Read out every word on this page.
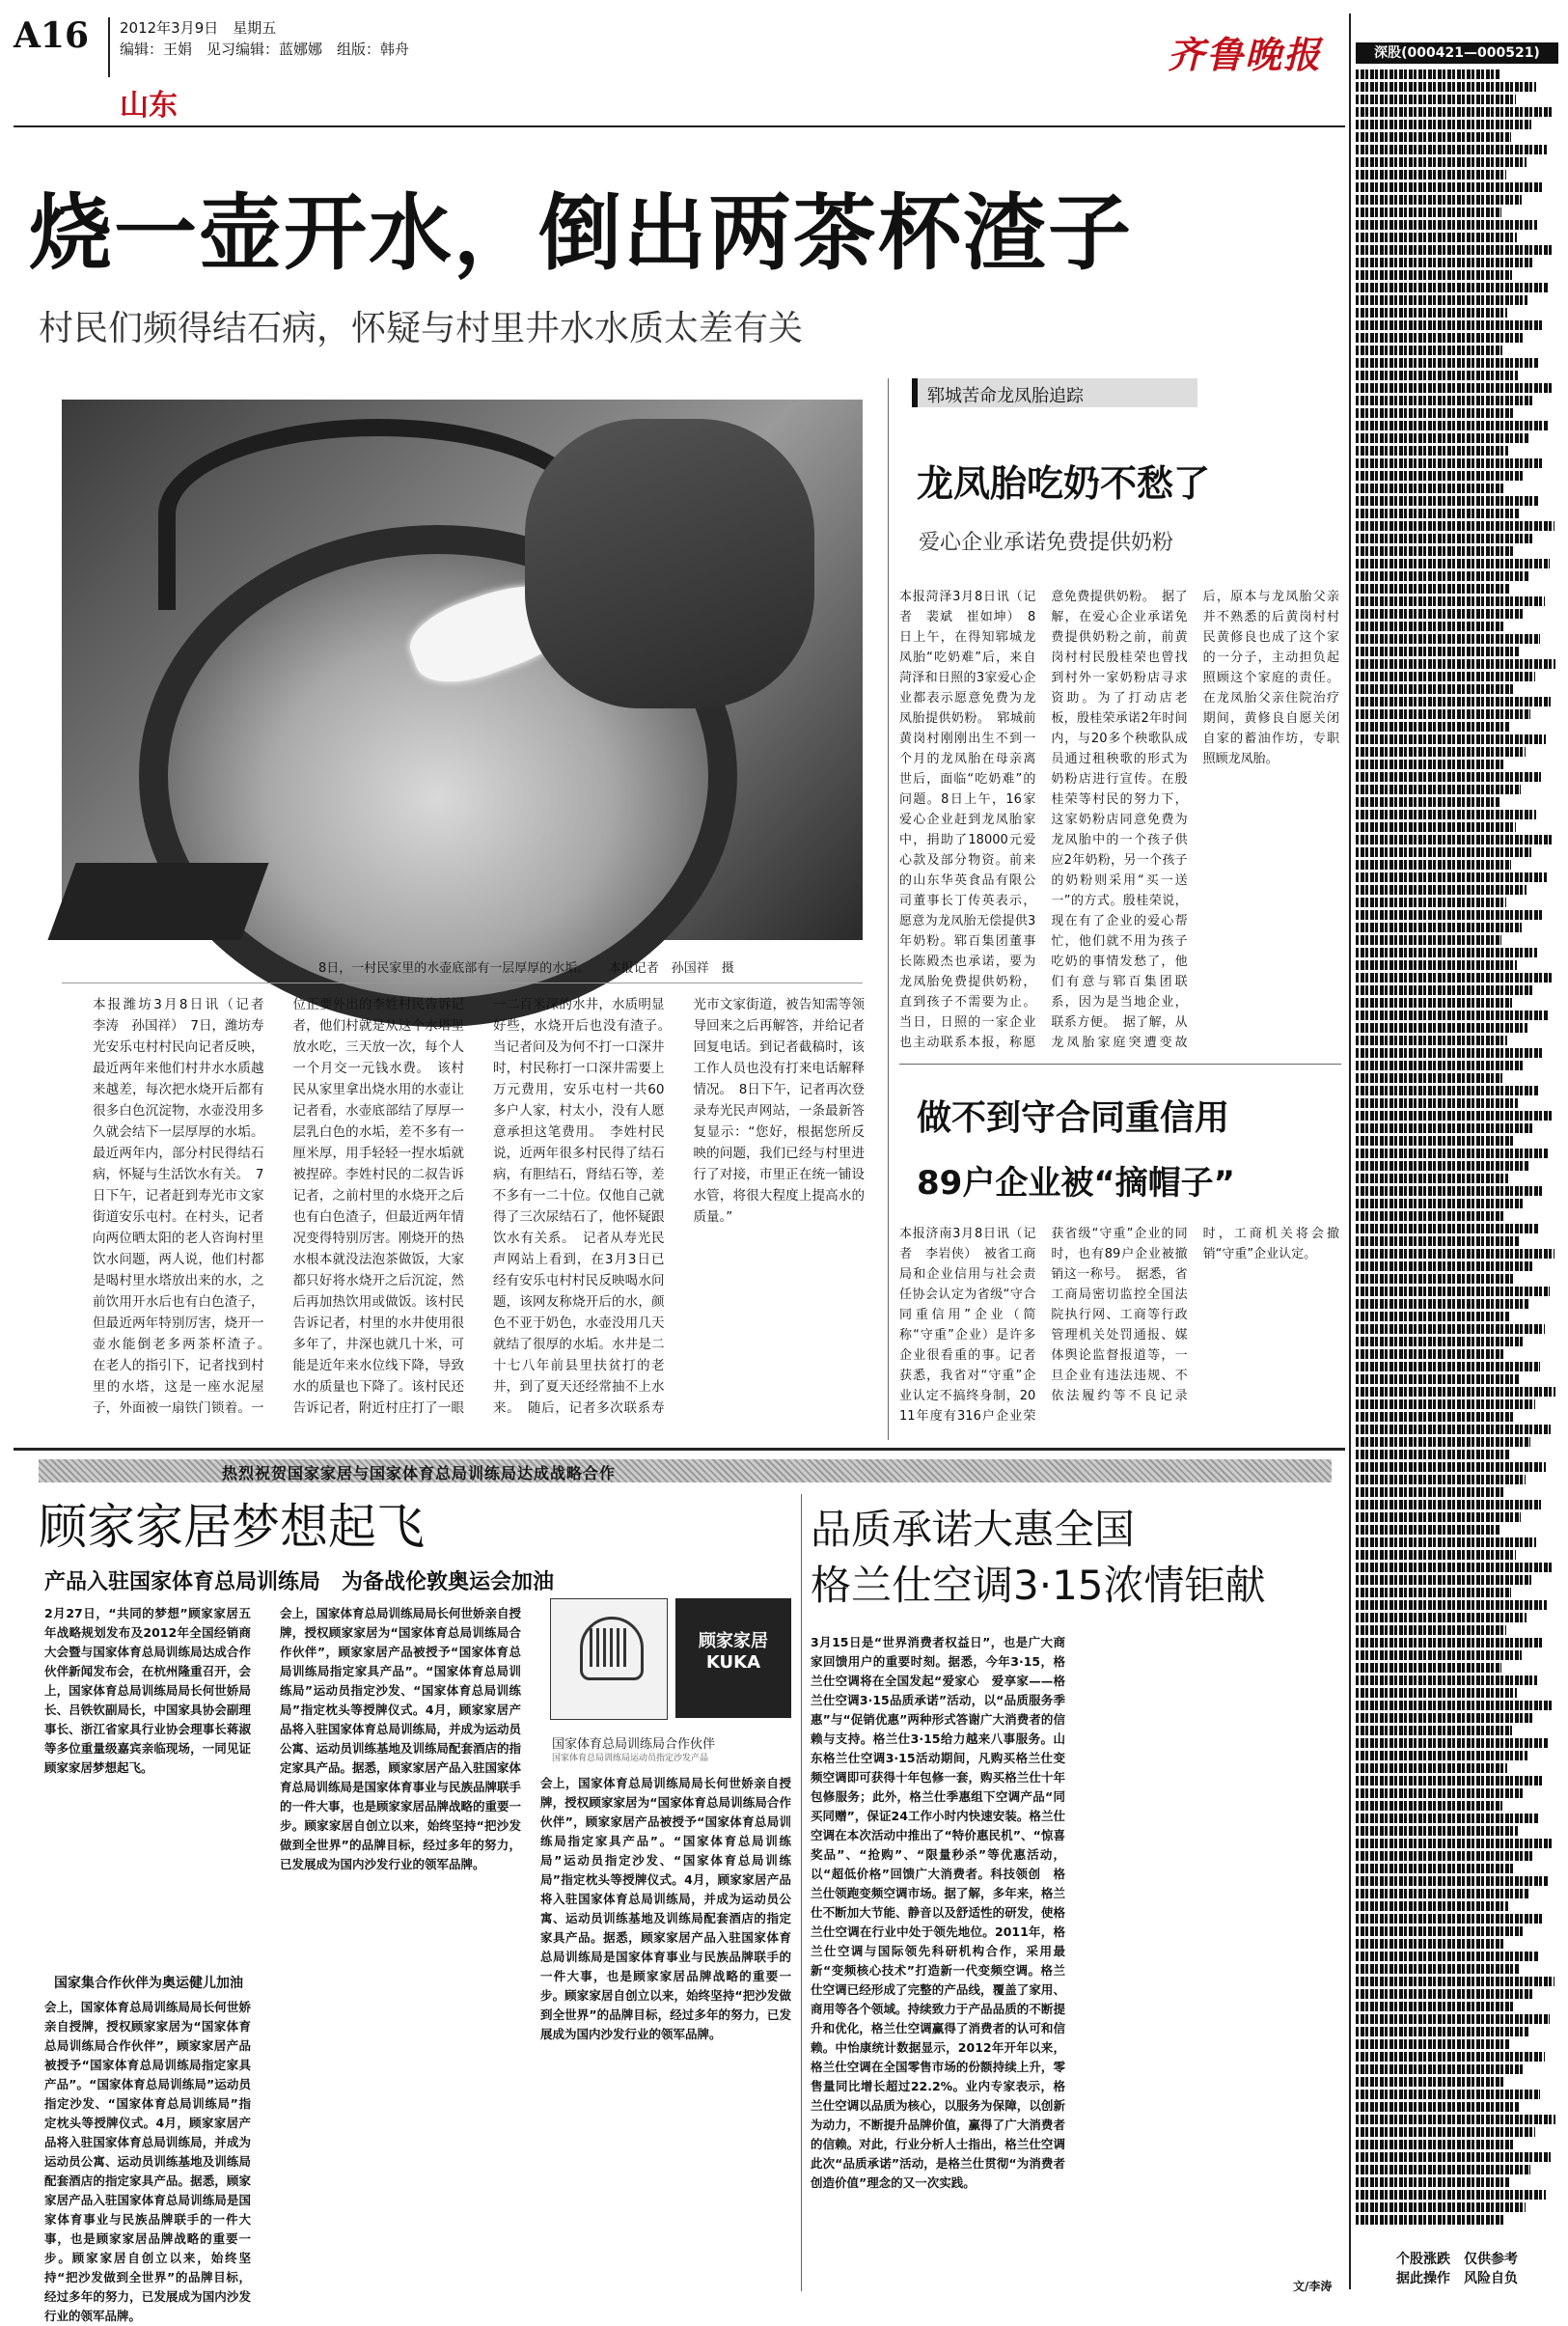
A16 2012年3月9日　星期五
编辑：王娟　见习编辑：蓝娜娜　组版：韩舟
山东
齐鲁晚报
烧一壶开水，倒出两茶杯渣子
村民们频得结石病，怀疑与村里井水水质太差有关
8日，一村民家里的水壶底部有一层厚厚的水垢。　　本报记者　孙国祥　摄
本报潍坊3月8日讯（记者　李涛　孙国祥）　7日，潍坊寿光安乐屯村村民向记者反映，最近两年来他们村井水水质越来越差，每次把水烧开后都有很多白色沉淀物，水壶没用多久就会结下一层厚厚的水垢。最近两年内，部分村民得结石病，怀疑与生活饮水有关。　7日下午，记者赶到寿光市文家街道安乐屯村。在村头，记者向两位晒太阳的老人咨询村里饮水问题，两人说，他们村都是喝村里水塔放出来的水，之前饮用开水后也有白色渣子，但最近两年特别厉害，烧开一壶水能倒老多两茶杯渣子。　在老人的指引下，记者找到村里的水塔，这是一座水泥屋子，外面被一扇铁门锁着。一位正要外出的李姓村民告诉记者，他们村就是从这个水塔里放水吃，三天放一次，每个人一个月交一元钱水费。　该村民从家里拿出烧水用的水壶让记者看，水壶底部结了厚厚一层乳白色的水垢，差不多有一厘米厚，用手轻轻一捏水垢就被捏碎。李姓村民的二叔告诉记者，之前村里的水烧开之后也有白色渣子，但最近两年情况变得特别厉害。刚烧开的热水根本就没法泡茶做饭，大家都只好将水烧开之后沉淀，然后再加热饮用或做饭。该村民告诉记者，村里的水井使用很多年了，井深也就几十米，可能是近年来水位线下降，导致水的质量也下降了。该村民还告诉记者，附近村庄打了一眼一二百米深的水井，水质明显好些，水烧开后也没有渣子。　当记者问及为何不打一口深井时，村民称打一口深井需要上万元费用，安乐屯村一共60多户人家，村太小，没有人愿意承担这笔费用。　李姓村民说，近两年很多村民得了结石病，有胆结石，肾结石等，差不多有一二十位。仅他自己就得了三次尿结石了，他怀疑跟饮水有关系。　记者从寿光民声网站上看到，在3月3日已经有安乐屯村村民反映喝水问题，该网友称烧开后的水，颜色不亚于奶色，水壶没用几天就结了很厚的水垢。水井是二十七八年前县里扶贫打的老井，到了夏天还经常抽不上水来。　随后，记者多次联系寿光市文家街道，被告知需等领导回来之后再解答，并给记者回复电话。到记者截稿时，该工作人员也没有打来电话解释情况。　8日下午，记者再次登录寿光民声网站，一条最新答复显示：“您好，根据您所反映的问题，我们已经与村里进行了对接，市里正在统一铺设水管，将很大程度上提高水的质量。”
郓城苦命龙凤胎追踪
龙凤胎吃奶不愁了
爱心企业承诺免费提供奶粉
本报菏泽3月8日讯（记者　裴斌　崔如坤）　8日上午，在得知郓城龙凤胎“吃奶难”后，来自菏泽和日照的3家爱心企业都表示愿意免费为龙凤胎提供奶粉。　郓城前黄岗村刚刚出生不到一个月的龙凤胎在母亲离世后，面临“吃奶难”的问题。8日上午，16家爱心企业赶到龙凤胎家中，捐助了18000元爱心款及部分物资。前来的山东华英食品有限公司董事长丁传英表示，愿意为龙凤胎无偿提供3年奶粉。郓百集团董事长陈殿杰也承诺，要为龙凤胎免费提供奶粉，直到孩子不需要为止。当日，日照的一家企业也主动联系本报，称愿意免费提供奶粉。　据了解，在爱心企业承诺免费提供奶粉之前，前黄岗村村民殷桂荣也曾找到村外一家奶粉店寻求资助。为了打动店老板，殷桂荣承诺2年时间内，与20多个秧歌队成员通过租秧歌的形式为奶粉店进行宣传。在殷桂荣等村民的努力下，这家奶粉店同意免费为龙凤胎中的一个孩子供应2年奶粉，另一个孩子的奶粉则采用“买一送一”的方式。殷桂荣说，现在有了企业的爱心帮忙，他们就不用为孩子吃奶的事情发愁了，他们有意与郓百集团联系，因为是当地企业，联系方便。　据了解，从龙凤胎家庭突遭变故后，原本与龙凤胎父亲并不熟悉的后黄岗村村民黄修良也成了这个家的一分子，主动担负起照顾这个家庭的责任。在龙凤胎父亲住院治疗期间，黄修良自愿关闭自家的蓄油作坊，专职照顾龙凤胎。
做不到守合同重信用
89户企业被“摘帽子”
本报济南3月8日讯（记者　李岩侠）　被省工商局和企业信用与社会责任协会认定为省级“守合同重信用”企业（简称“守重”企业）是许多企业很看重的事。记者获悉，我省对“守重”企业认定不搞终身制，2011年度有316户企业荣获省级“守重”企业的同时，也有89户企业被撤销这一称号。　据悉，省工商局密切监控全国法院执行网、工商等行政管理机关处罚通报、媒体舆论监督报道等，一旦企业有违法违规、不依法履约等不良记录时，工商机关将会撤销“守重”企业认定。
热烈祝贺国家家居与国家体育总局训练局达成战略合作
顾家家居梦想起飞
产品入驻国家体育总局训练局　为备战伦敦奥运会加油
2月27日，“共同的梦想”顾家家居五年战略规划发布及2012年全国经销商大会暨与国家体育总局训练局达成合作伙伴新闻发布会，在杭州隆重召开，会上，国家体育总局训练局局长何世娇局长、吕铁钦副局长，中国家具协会副理事长、浙江省家具行业协会理事长蒋淑等多位重量级嘉宾亲临现场，一同见证顾家家居梦想起飞。
国家集合作伙伴为奥运健儿加油
会上，国家体育总局训练局局长何世娇亲自授牌，授权顾家家居为“国家体育总局训练局合作伙伴”，顾家家居产品被授予“国家体育总局训练局指定家具产品”。“国家体育总局训练局”运动员指定沙发、“国家体育总局训练局”指定枕头等授牌仪式。4月，顾家家居产品将入驻国家体育总局训练局，并成为运动员公寓、运动员训练基地及训练局配套酒店的指定家具产品。据悉，顾家家居产品入驻国家体育总局训练局是国家体育事业与民族品牌联手的一件大事，也是顾家家居品牌战略的重要一步。顾家家居自创立以来，始终坚持“把沙发做到全世界”的品牌目标，经过多年的努力，已发展成为国内沙发行业的领军品牌。
会上，国家体育总局训练局局长何世娇亲自授牌，授权顾家家居为“国家体育总局训练局合作伙伴”，顾家家居产品被授予“国家体育总局训练局指定家具产品”。“国家体育总局训练局”运动员指定沙发、“国家体育总局训练局”指定枕头等授牌仪式。4月，顾家家居产品将入驻国家体育总局训练局，并成为运动员公寓、运动员训练基地及训练局配套酒店的指定家具产品。据悉，顾家家居产品入驻国家体育总局训练局是国家体育事业与民族品牌联手的一件大事，也是顾家家居品牌战略的重要一步。顾家家居自创立以来，始终坚持“把沙发做到全世界”的品牌目标，经过多年的努力，已发展成为国内沙发行业的领军品牌。
顾家家居 KUKA
国家体育总局训练局合作伙伴
国家体育总局训练局运动员指定沙发产品
会上，国家体育总局训练局局长何世娇亲自授牌，授权顾家家居为“国家体育总局训练局合作伙伴”，顾家家居产品被授予“国家体育总局训练局指定家具产品”。“国家体育总局训练局”运动员指定沙发、“国家体育总局训练局”指定枕头等授牌仪式。4月，顾家家居产品将入驻国家体育总局训练局，并成为运动员公寓、运动员训练基地及训练局配套酒店的指定家具产品。据悉，顾家家居产品入驻国家体育总局训练局是国家体育事业与民族品牌联手的一件大事，也是顾家家居品牌战略的重要一步。顾家家居自创立以来，始终坚持“把沙发做到全世界”的品牌目标，经过多年的努力，已发展成为国内沙发行业的领军品牌。
品质承诺大惠全国
格兰仕空调3·15浓情钜献
3月15日是“世界消费者权益日”，也是广大商家回馈用户的重要时刻。据悉，今年3·15，格兰仕空调将在全国发起“爱家心　爱享家——格兰仕空调3·15品质承诺”活动，以“品质服务季惠”与“促销优惠”两种形式答谢广大消费者的信赖与支持。格兰仕3·15给力越来八事服务。山东格兰仕空调3·15活动期间，凡购买格兰仕变频空调即可获得十年包修一套，购买格兰仕十年包修服务；此外，格兰仕季惠组下空调产品“同买同赠”，保证24工作小时内快速安装。格兰仕空调在本次活动中推出了“特价惠民机”、“惊喜奖品”、“抢购”、“限量秒杀”等优惠活动，以“超低价格”回馈广大消费者。科技领创　格兰仕领跑变频空调市场。据了解，多年来，格兰仕不断加大节能、静音以及舒适性的研发，使格兰仕空调在行业中处于领先地位。2011年，格兰仕空调与国际领先科研机构合作，采用最新“变频核心技术”打造新一代变频空调。格兰仕空调已经形成了完整的产品线，覆盖了家用、商用等各个领域。持续致力于产品品质的不断提升和优化，格兰仕空调赢得了消费者的认可和信赖。中怡康统计数据显示，2012年开年以来，格兰仕空调在全国零售市场的份额持续上升，零售量同比增长超过22.2%。业内专家表示，格兰仕空调以品质为核心，以服务为保障，以创新为动力，不断提升品牌价值，赢得了广大消费者的信赖。对此，行业分析人士指出，格兰仕空调此次“品质承诺”活动，是格兰仕贯彻“为消费者创造价值”理念的又一次实践。
文/李涛
深股(000421—000521)
个股涨跌　仅供参考
据此操作　风险自负
